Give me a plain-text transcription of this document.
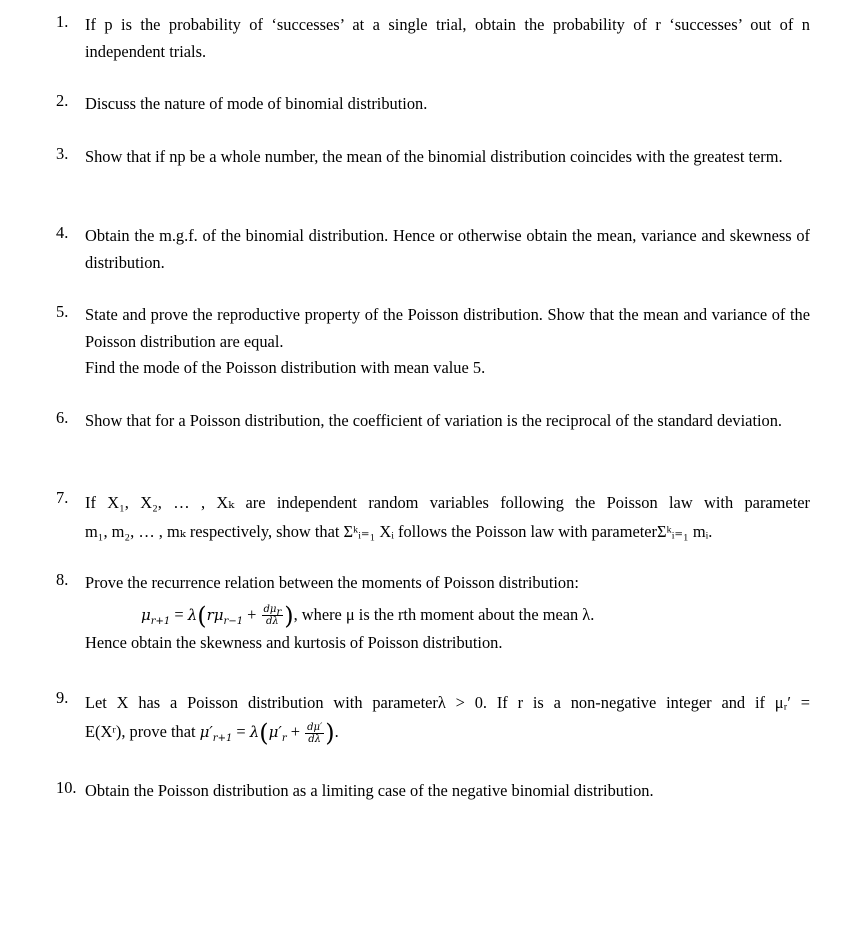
1.	If p is the probability of ‘successes’ at a single trial, obtain the probability of r ‘successes’ out of n independent trials.
2.	Discuss the nature of mode of binomial distribution.
3.	Show that if np be a whole number, the mean of the binomial distribution coincides with the greatest term.
4.	Obtain the m.g.f. of the binomial distribution. Hence or otherwise obtain the mean, variance and skewness of distribution.
5.	State and prove the reproductive property of the Poisson distribution. Show that the mean and variance of the Poisson distribution are equal.
Find the mode of the Poisson distribution with mean value 5.
6.	Show that for a Poisson distribution, the coefficient of variation is the reciprocal of the standard deviation.
7.	If X₁, X₂, … , Xₖ are independent random variables following the Poisson law with parameter
m₁, m₂, … , mₖ respectively, show that Σᵏᵢ₌₁ Xᵢ follows the Poisson law with parameterΣᵏᵢ₌₁ mᵢ.
8.	Prove the recurrence relation between the moments of Poisson distribution:
$\mu_{r+1} = \lambda(r\mu_{r-1} + \frac{d\mu_r}{d\lambda}$ ), where μ is the rth moment about the mean λ.
Hence obtain the skewness and kurtosis of Poisson distribution.
9.	Let X has a Poisson distribution with parameterλ > 0. If r is a non-negative integer and if μᵣ′ =
E(Xʳ), prove that $\mu'_{r+1} = \lambda(\mu'_r + \frac{d\mu'}{d\lambda}$ ).
10. Obtain the Poisson distribution as a limiting case of the negative binomial distribution.
